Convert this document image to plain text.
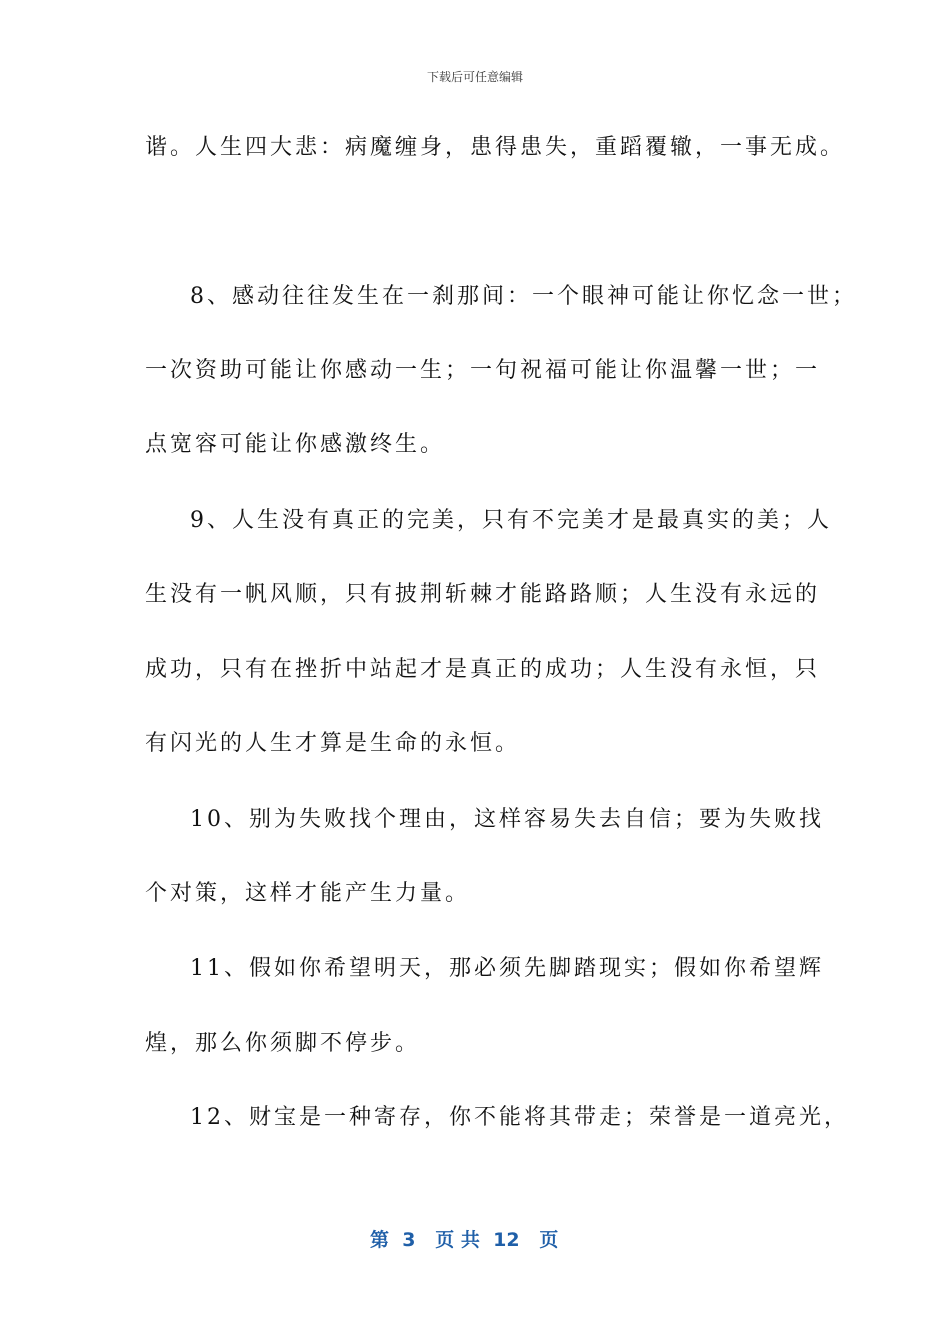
下载后可任意编辑
谐。人生四大悲：病魔缠身，患得患失，重蹈覆辙，一事无成。
8、感动往往发生在一刹那间：一个眼神可能让你忆念一世；
一次资助可能让你感动一生；一句祝福可能让你温馨一世；一
点宽容可能让你感激终生。
9、人生没有真正的完美，只有不完美才是最真实的美；人
生没有一帆风顺，只有披荆斩棘才能路路顺；人生没有永远的
成功，只有在挫折中站起才是真正的成功；人生没有永恒，只
有闪光的人生才算是生命的永恒。
10、别为失败找个理由，这样容易失去自信；要为失败找
个对策，这样才能产生力量。
11、假如你希望明天，那必须先脚踏现实；假如你希望辉
煌，那么你须脚不停步。
12、财宝是一种寄存，你不能将其带走；荣誉是一道亮光，
第  3   页 共  12   页
